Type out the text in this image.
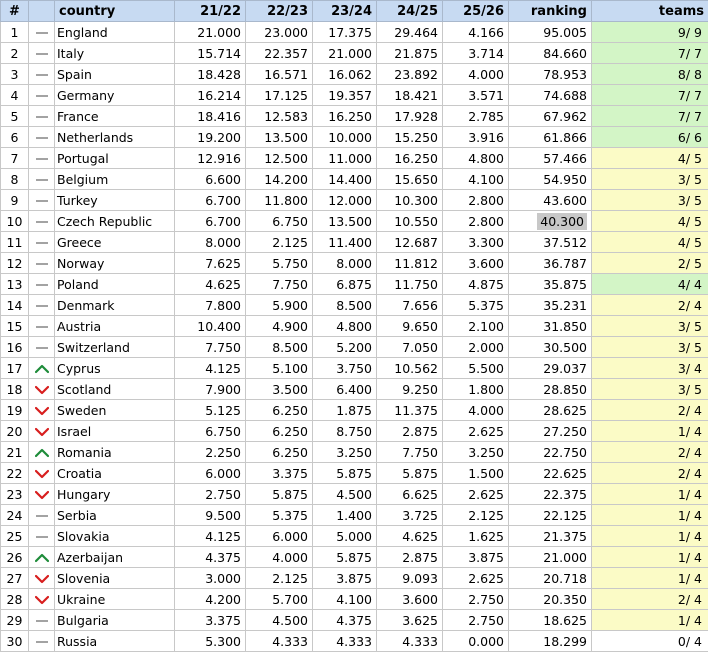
#		country	21/22	22/23	23/24	24/25	25/26	ranking	teams
1		England	21.000	23.000	17.375	29.464	4.166	95.005	9/ 9
2		Italy	15.714	22.357	21.000	21.875	3.714	84.660	7/ 7
3		Spain	18.428	16.571	16.062	23.892	4.000	78.953	8/ 8
4		Germany	16.214	17.125	19.357	18.421	3.571	74.688	7/ 7
5		France	18.416	12.583	16.250	17.928	2.785	67.962	7/ 7
6		Netherlands	19.200	13.500	10.000	15.250	3.916	61.866	6/ 6
7		Portugal	12.916	12.500	11.000	16.250	4.800	57.466	4/ 5
8		Belgium	6.600	14.200	14.400	15.650	4.100	54.950	3/ 5
9		Turkey	6.700	11.800	12.000	10.300	2.800	43.600	3/ 5
10		Czech Republic	6.700	6.750	13.500	10.550	2.800	40.300	4/ 5
11		Greece	8.000	2.125	11.400	12.687	3.300	37.512	4/ 5
12		Norway	7.625	5.750	8.000	11.812	3.600	36.787	2/ 5
13		Poland	4.625	7.750	6.875	11.750	4.875	35.875	4/ 4
14		Denmark	7.800	5.900	8.500	7.656	5.375	35.231	2/ 4
15		Austria	10.400	4.900	4.800	9.650	2.100	31.850	3/ 5
16		Switzerland	7.750	8.500	5.200	7.050	2.000	30.500	3/ 5
17		Cyprus	4.125	5.100	3.750	10.562	5.500	29.037	3/ 4
18		Scotland	7.900	3.500	6.400	9.250	1.800	28.850	3/ 5
19		Sweden	5.125	6.250	1.875	11.375	4.000	28.625	2/ 4
20		Israel	6.750	6.250	8.750	2.875	2.625	27.250	1/ 4
21		Romania	2.250	6.250	3.250	7.750	3.250	22.750	2/ 4
22		Croatia	6.000	3.375	5.875	5.875	1.500	22.625	2/ 4
23		Hungary	2.750	5.875	4.500	6.625	2.625	22.375	1/ 4
24		Serbia	9.500	5.375	1.400	3.725	2.125	22.125	1/ 4
25		Slovakia	4.125	6.000	5.000	4.625	1.625	21.375	1/ 4
26		Azerbaijan	4.375	4.000	5.875	2.875	3.875	21.000	1/ 4
27		Slovenia	3.000	2.125	3.875	9.093	2.625	20.718	1/ 4
28		Ukraine	4.200	5.700	4.100	3.600	2.750	20.350	2/ 4
29		Bulgaria	3.375	4.500	4.375	3.625	2.750	18.625	1/ 4
30		Russia	5.300	4.333	4.333	4.333	0.000	18.299	0/ 4
